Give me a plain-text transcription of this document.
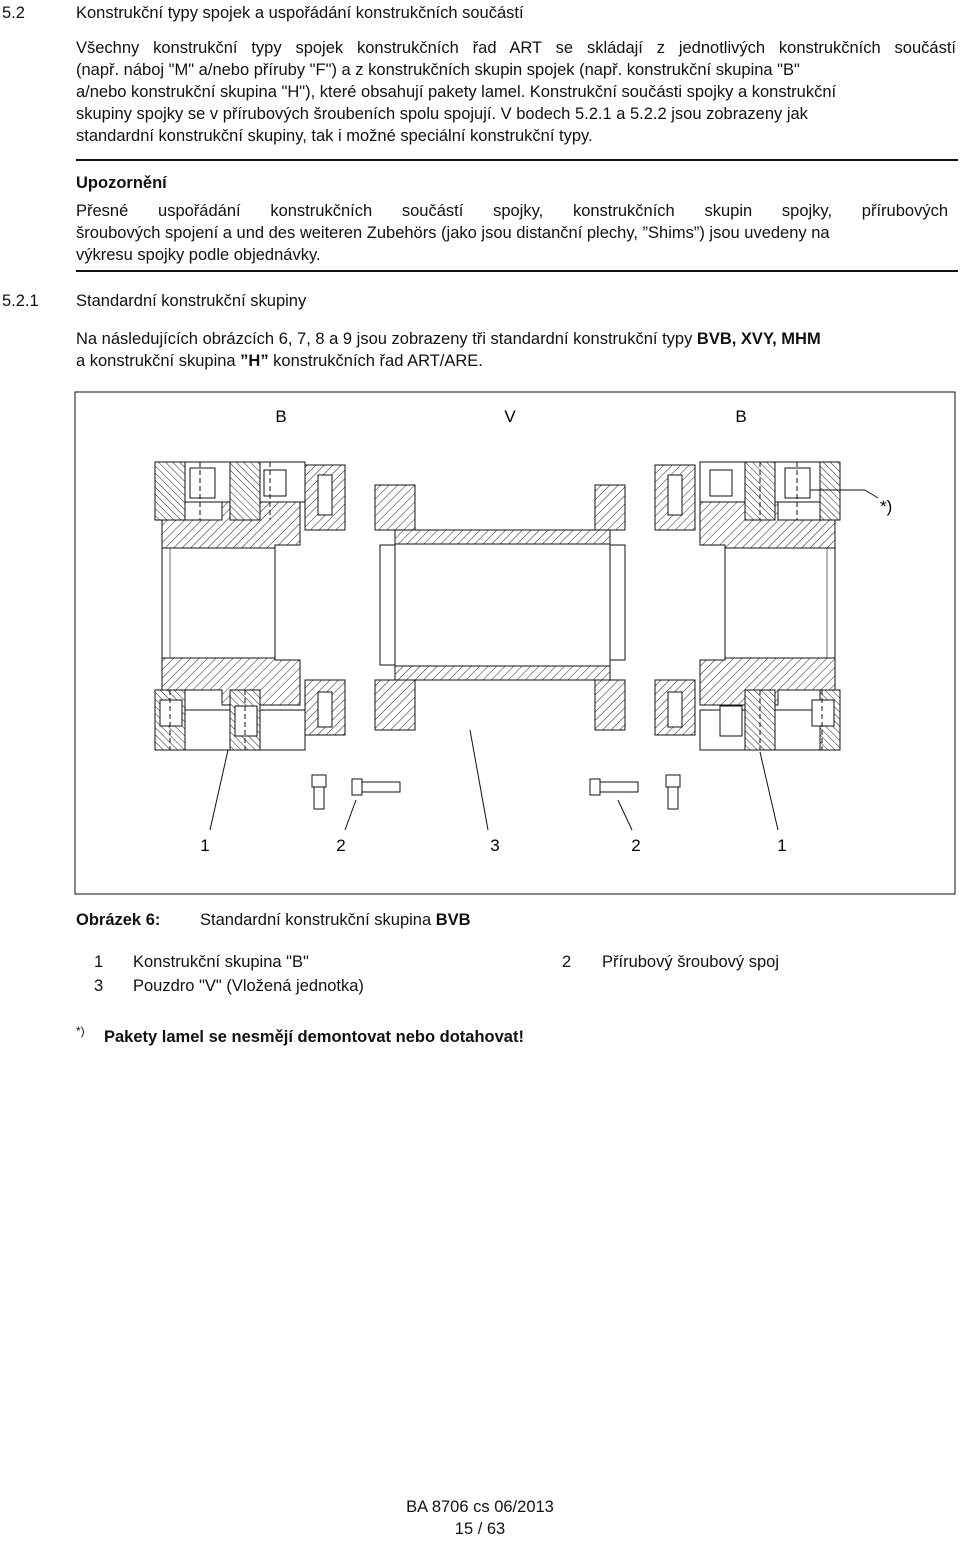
5.2	Konstrukční typy spojek a uspořádání konstrukčních součástí
Všechny konstrukční typy spojek konstrukčních řad ART se skládají z jednotlivých konstrukčních součástí
(např. náboj "M" a/nebo příruby "F") a z konstrukčních skupin spojek (např. konstrukční skupina "B"
a/nebo konstrukční skupina "H"), které obsahují pakety lamel. Konstrukční součásti spojky a konstrukční
skupiny spojky se v přírubových šroubeních spolu spojují. V bodech 5.2.1 a 5.2.2 jsou zobrazeny jak
standardní konstrukční skupiny, tak i možné speciální konstrukční typy.
Upozornění
Přesné uspořádání konstrukčních součástí spojky, konstrukčních skupin spojky, přírubových
šroubových spojení a und des weiteren Zubehörs (jako jsou distanční plechy, ”Shims”) jsou uvedeny na
výkresu spojky podle objednávky.
5.2.1 Standardní konstrukční skupiny
Na následujících obrázcích 6, 7, 8 a 9 jsou zobrazeny tři standardní konstrukční typy BVB, XVY, MHM
a konstrukční skupina ”H” konstrukčních řad ART/ARE.
B	V	B
*)
1	2	3	2	1
Obrázek 6: Standardní konstrukční skupina BVB
1 Konstrukční skupina "B"	2 Přírubový šroubový spoj
3 Pouzdro "V" (Vložená jednotka)
*) Pakety lamel se nesmějí demontovat nebo dotahovat!
BA 8706 cs 06/2013
15 / 63
